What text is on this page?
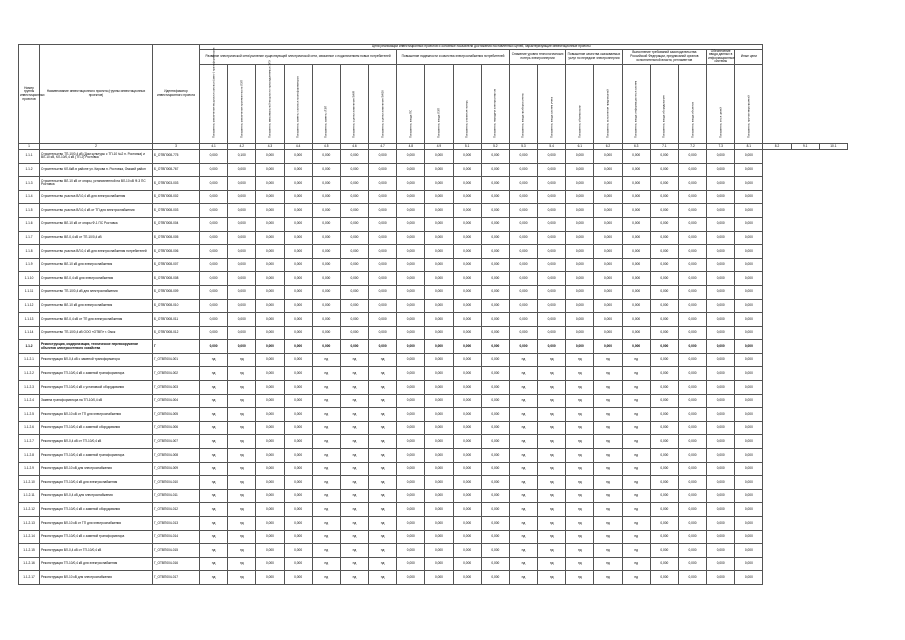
Номер группы инвестиционных проектов	Наименование инвестиционного проекта (группы инвестиционных проектов)	Идентификатор инвестиционного проекта	Цели реализации инвестиционных проектов и основные показатели достижения поставленных целей, характеризующие инвестиционные проекты																						
			Развитие электрической сети/усиление существующей электрической сети, связанное с подключением новых потребителей							Повышение надежности и качества электроснабжения потребителей				Снижение уровня технологических потерь электроэнергии		Повышение качества оказываемых услуг по передаче электроэнергии		Выполнение требований законодательства Российской Федерации, предписаний органов исполнительной власти, регламентов			Обеспечение ввода данных в информационные системы	Иные цели			

			Показатель увеличения мощности силовых (авто-) трансформаторов	Показатель увеличения протяженности ЛЭП	Показатель максимальной мощности присоединяемых ЭПУ	Показатель замены силовых трансформаторов	Показатель замены ЛЭП	Показатель оценки изменения SAIFI	Показатель оценки изменения SAIDI	Показатель ввода ПС	Показатель ввода ЛЭП	Показатель снижения потерь	Показатель передачи электроэнергии	Показатель ввода приборов учета	Показатель ввода систем учета	Показатель объема услуг	Показатель исполнения предписаний	Показатель ввода информационных систем	Показатель ввода оборудования	Показатель ввода объектов	Показатель иных целей	Показатель прочих мероприятий			

1	2	3	4.1	4.2	4.3	4.4	4.5	4.6	4.7	4.8	4.9	5.1	5.2	5.3	5.4	6.1	6.2	6.3	7.1	7.2	7.3	8.1	8.2	9.1	10.1
1.1.1	Строительство ТП-10/0,4 кВ (Дом культуры с ТП-10 №2 п. Ростовка) и ВЛ-10 кВ, КЛ-10/0,4 кВ (ТП-2) Ростовка	Б_ОТВП008-775	0,000	0,100	0,000	0,000	0,000	0,000	0,000	0,000	0,000	0,000	0,000	0,000	0,000	0,000	0,000	0,000	0,000	0,000	0,000	0,000			
1.1.2	Строительство КЛ-6кВ в районе ул. Кирова п. Ростовка, Омский район	Б_ОТВП008-767	0,000	0,000	0,000	0,000	0,000	0,000	0,000	0,000	0,000	0,000	0,000	0,000	0,000	0,000	0,000	0,000	0,000	0,000	0,000	0,000			
1.1.3	Строительство ВЛ-10 кВ от опоры, установленной на ВЛ-10 кВ Ф-3 ПС Ростовка	Б_ОТВП003-003	0,000	0,000	0,000	0,000	0,000	0,000	0,000	0,000	0,000	0,000	0,000	0,000	0,000	0,000	0,000	0,000	0,000	0,000	0,000	0,000			
1.1.4	Строительство участка ВЛ-0,4 кВ для электроснабжения	Б_ОТВП008-002	0,000	0,000	0,000	0,000	0,000	0,000	0,000	0,000	0,000	0,000	0,000	0,000	0,000	0,000	0,000	0,000	0,000	0,000	0,000	0,000			
1.1.5	Строительство участка ВЛ-0,4 кВ от ТП для электроснабжения	Б_ОТВП008-003	0,000	0,000	0,000	0,000	0,000	0,000	0,000	0,000	0,000	0,000	0,000	0,000	0,000	0,000	0,000	0,000	0,000	0,000	0,000	0,000			
1.1.6	Строительство ВЛ-10 кВ от опоры Ф-1 ПС Ростовка	Б_ОТВП008-004	0,000	0,000	0,000	0,000	0,000	0,000	0,000	0,000	0,000	0,000	0,000	0,000	0,000	0,000	0,000	0,000	0,000	0,000	0,000	0,000			
1.1.7	Строительство ВЛ-0,4 кВ от ТП-10/0,4 кВ	Б_ОТВП008-005	0,000	0,000	0,000	0,000	0,000	0,000	0,000	0,000	0,000	0,000	0,000	0,000	0,000	0,000	0,000	0,000	0,000	0,000	0,000	0,000			
1.1.8	Строительство участка ВЛ-0,4 кВ для электроснабжения потребителей	Б_ОТВП008-006	0,000	0,000	0,000	0,000	0,000	0,000	0,000	0,000	0,000	0,000	0,000	0,000	0,000	0,000	0,000	0,000	0,000	0,000	0,000	0,000			
1.1.9	Строительство ВЛ-10 кВ для электроснабжения	Б_ОТВП008-007	0,000	0,000	0,000	0,000	0,000	0,000	0,000	0,000	0,000	0,000	0,000	0,000	0,000	0,000	0,000	0,000	0,000	0,000	0,000	0,000			
1.1.10	Строительство ВЛ-0,4 кВ для электроснабжения	Б_ОТВП008-008	0,000	0,000	0,000	0,000	0,000	0,000	0,000	0,000	0,000	0,000	0,000	0,000	0,000	0,000	0,000	0,000	0,000	0,000	0,000	0,000			
1.1.11	Строительство ТП-10/0,4 кВ для электроснабжения	Б_ОТВП008-009	0,000	0,000	0,000	0,000	0,000	0,000	0,000	0,000	0,000	0,000	0,000	0,000	0,000	0,000	0,000	0,000	0,000	0,000	0,000	0,000			
1.1.12	Строительство ВЛ-10 кВ для электроснабжения	Б_ОТВП008-010	0,000	0,000	0,000	0,000	0,000	0,000	0,000	0,000	0,000	0,000	0,000	0,000	0,000	0,000	0,000	0,000	0,000	0,000	0,000	0,000			
1.1.13	Строительство ВЛ-0,4 кВ от ТП для электроснабжения	Б_ОТВП008-011	0,000	0,000	0,000	0,000	0,000	0,000	0,000	0,000	0,000	0,000	0,000	0,000	0,000	0,000	0,000	0,000	0,000	0,000	0,000	0,000			
1.1.14	Строительство ТП-10/0,4 кВ ООО «ОТВП» г. Омск	Б_ОТВП008-012	0,000	0,000	0,000	0,000	0,000	0,000	0,000	0,000	0,000	0,000	0,000	0,000	0,000	0,000	0,000	0,000	0,000	0,000	0,000	0,000			
1.1.2	Реконструкция, модернизация, техническое перевооружение объектов электросетевого хозяйства	Г	0,000	0,000	0,000	0,000	0,000	0,000	0,000	0,000	0,000	0,000	0,000	0,000	0,000	0,000	0,000	0,000	0,000	0,000	0,000	0,000			
1.1.2.1	Реконструкция ВЛ-0,4 кВ с заменой трансформатора	Г_ОТВП004-001	нд	нд	0,000	0,000	нд	нд	нд	0,000	0,000	0,000	0,000	нд	нд	нд	нд	нд	0,000	0,000	0,000	0,000			
1.1.2.2	Реконструкция ТП-10/0,4 кВ с заменой трансформатора	Г_ОТВП004-002	нд	нд	0,000	0,000	нд	нд	нд	0,000	0,000	0,000	0,000	нд	нд	нд	нд	нд	0,000	0,000	0,000	0,000			
1.1.2.3	Реконструкция ТП-10/0,4 кВ с установкой оборудования	Г_ОТВП004-003	нд	нд	0,000	0,000	нд	нд	нд	0,000	0,000	0,000	0,000	нд	нд	нд	нд	нд	0,000	0,000	0,000	0,000			
1.1.2.4	Замена трансформатора на ТП-10/0,4 кВ	Г_ОТВП004-004	нд	нд	0,000	0,000	нд	нд	нд	0,000	0,000	0,000	0,000	нд	нд	нд	нд	нд	0,000	0,000	0,000	0,000			
1.1.2.5	Реконструкция ВЛ-10 кВ от ТП для электроснабжения	Г_ОТВП004-005	нд	нд	0,000	0,000	нд	нд	нд	0,000	0,000	0,000	0,000	нд	нд	нд	нд	нд	0,000	0,000	0,000	0,000			
1.1.2.6	Реконструкция ТП-10/0,4 кВ с заменой оборудования	Г_ОТВП004-006	нд	нд	0,000	0,000	нд	нд	нд	0,000	0,000	0,000	0,000	нд	нд	нд	нд	нд	0,000	0,000	0,000	0,000			
1.1.2.7	Реконструкция ВЛ-0,4 кВ от ТП-10/0,4 кВ	Г_ОТВП004-007	нд	нд	0,000	0,000	нд	нд	нд	0,000	0,000	0,000	0,000	нд	нд	нд	нд	нд	0,000	0,000	0,000	0,000			
1.1.2.8	Реконструкция ТП-10/0,4 кВ с заменой трансформатора	Г_ОТВП004-008	нд	нд	0,000	0,000	нд	нд	нд	0,000	0,000	0,000	0,000	нд	нд	нд	нд	нд	0,000	0,000	0,000	0,000			
1.1.2.9	Реконструкция ВЛ-10 кВ для электроснабжения	Г_ОТВП004-009	нд	нд	0,000	0,000	нд	нд	нд	0,000	0,000	0,000	0,000	нд	нд	нд	нд	нд	0,000	0,000	0,000	0,000			
1.1.2.10	Реконструкция ТП-10/0,4 кВ для электроснабжения	Г_ОТВП004-010	нд	нд	0,000	0,000	нд	нд	нд	0,000	0,000	0,000	0,000	нд	нд	нд	нд	нд	0,000	0,000	0,000	0,000			
1.1.2.11	Реконструкция ВЛ-0,4 кВ для электроснабжения	Г_ОТВП004-011	нд	нд	0,000	0,000	нд	нд	нд	0,000	0,000	0,000	0,000	нд	нд	нд	нд	нд	0,000	0,000	0,000	0,000			
1.1.2.12	Реконструкция ТП-10/0,4 кВ с заменой оборудования	Г_ОТВП004-012	нд	нд	0,000	0,000	нд	нд	нд	0,000	0,000	0,000	0,000	нд	нд	нд	нд	нд	0,000	0,000	0,000	0,000			
1.1.2.13	Реконструкция ВЛ-10 кВ от ТП для электроснабжения	Г_ОТВП004-013	нд	нд	0,000	0,000	нд	нд	нд	0,000	0,000	0,000	0,000	нд	нд	нд	нд	нд	0,000	0,000	0,000	0,000			
1.1.2.14	Реконструкция ТП-10/0,4 кВ с заменой трансформатора	Г_ОТВП004-014	нд	нд	0,000	0,000	нд	нд	нд	0,000	0,000	0,000	0,000	нд	нд	нд	нд	нд	0,000	0,000	0,000	0,000			
1.1.2.15	Реконструкция ВЛ-0,4 кВ от ТП-10/0,4 кВ	Г_ОТВП004-015	нд	нд	0,000	0,000	нд	нд	нд	0,000	0,000	0,000	0,000	нд	нд	нд	нд	нд	0,000	0,000	0,000	0,000			
1.1.2.16	Реконструкция ТП-10/0,4 кВ для электроснабжения	Г_ОТВП004-016	нд	нд	0,000	0,000	нд	нд	нд	0,000	0,000	0,000	0,000	нд	нд	нд	нд	нд	0,000	0,000	0,000	0,000			
1.1.2.17	Реконструкция ВЛ-10 кВ для электроснабжения	Г_ОТВП004-017	нд	нд	0,000	0,000	нд	нд	нд	0,000	0,000	0,000	0,000	нд	нд	нд	нд	нд	0,000	0,000	0,000	0,000			
